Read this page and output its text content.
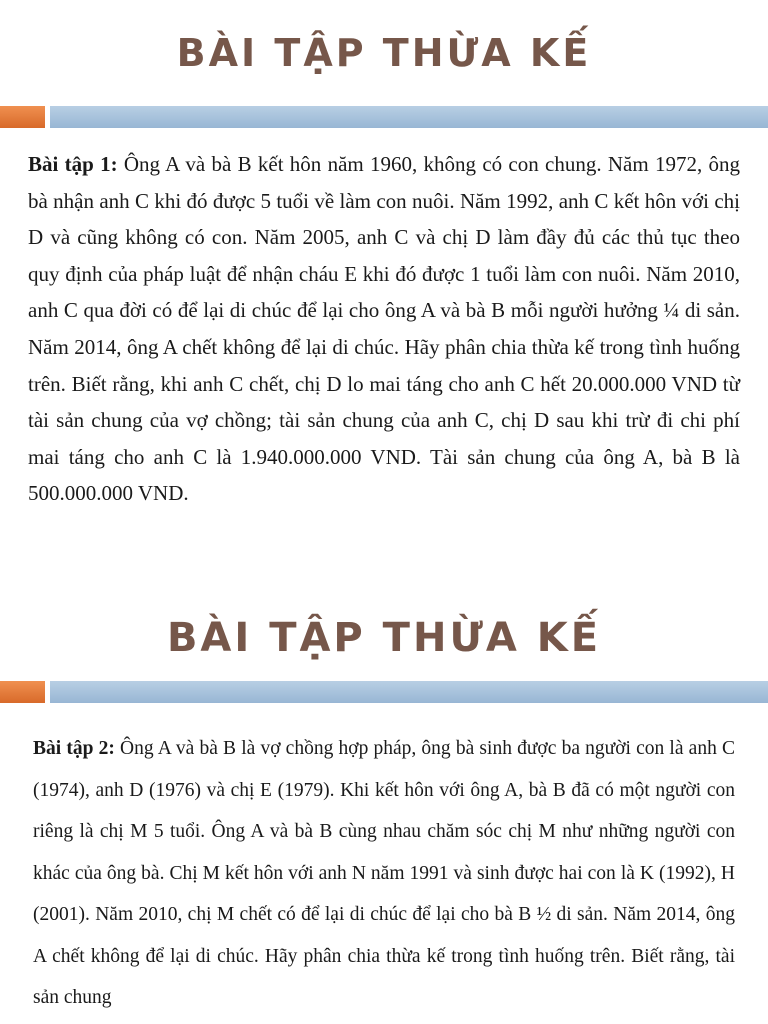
BÀI TẬP THỪA KẾ

Bài tập 1: Ông A và bà B kết hôn năm 1960, không có con chung. Năm 1972, ông bà nhận anh C khi đó được 5 tuổi về làm con nuôi. Năm 1992, anh C kết hôn với chị D và cũng không có con. Năm 2005, anh C và chị D làm đầy đủ các thủ tục theo quy định của pháp luật để nhận cháu E khi đó được 1 tuổi làm con nuôi. Năm 2010, anh C qua đời có để lại di chúc để lại cho ông A và bà B mỗi người hưởng ¼ di sản. Năm 2014, ông A chết không để lại di chúc. Hãy phân chia thừa kế trong tình huống trên. Biết rằng, khi anh C chết, chị D lo mai táng cho anh C hết 20.000.000 VND từ tài sản chung của vợ chồng; tài sản chung của anh C, chị D sau khi trừ đi chi phí mai táng cho anh C là 1.940.000.000 VND. Tài sản chung của ông A, bà B là 500.000.000 VND.

BÀI TẬP THỪA KẾ

Bài tập 2: Ông A và bà B là vợ chồng hợp pháp, ông bà sinh được ba người con là anh C (1974), anh D (1976) và chị E (1979). Khi kết hôn với ông A, bà B đã có một người con riêng là chị M 5 tuổi. Ông A và bà B cùng nhau chăm sóc chị M như những người con khác của ông bà. Chị M kết hôn với anh N năm 1991 và sinh được hai con là K (1992), H (2001). Năm 2010, chị M chết có để lại di chúc để lại cho bà B ½ di sản. Năm 2014, ông A chết không để lại di chúc. Hãy phân chia thừa kế trong tình huống trên. Biết rằng, tài sản chung
